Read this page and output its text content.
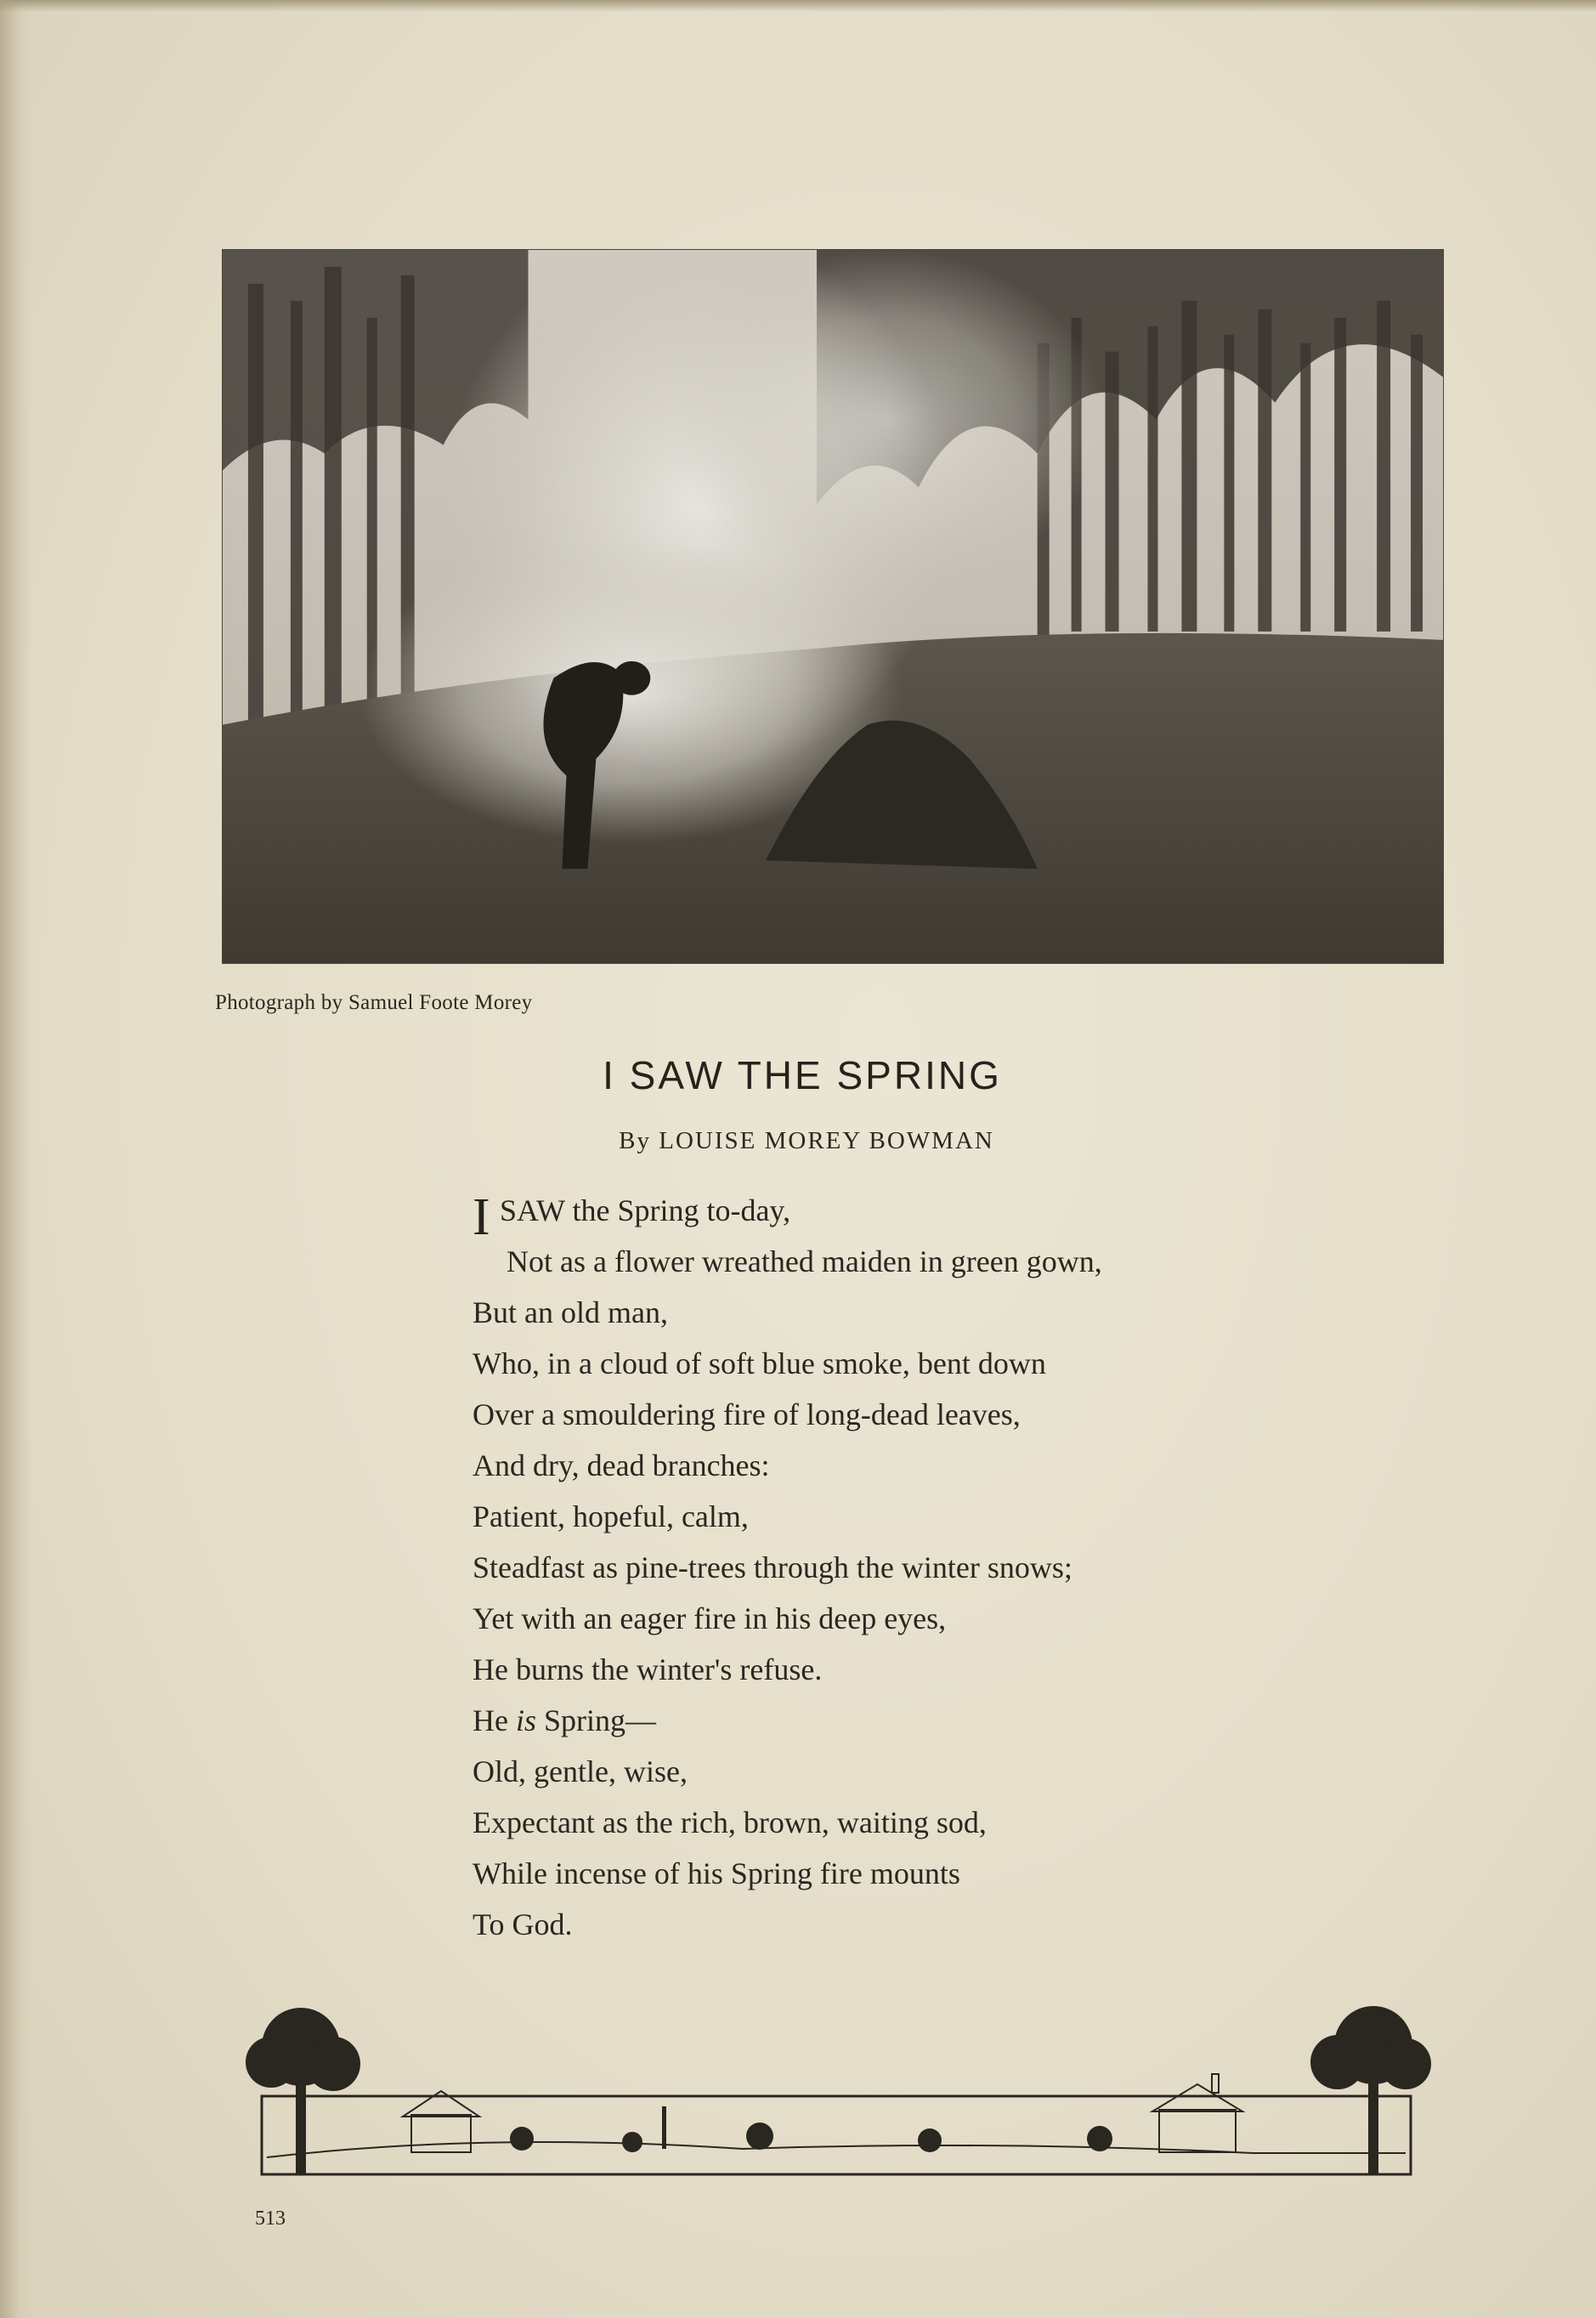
Photograph by Samuel Foote Morey
I SAW THE SPRING
By LOUISE MOREY BOWMAN
I SAW the Spring to-day,
Not as a flower wreathed maiden in green gown,
But an old man,
Who, in a cloud of soft blue smoke, bent down
Over a smouldering fire of long-dead leaves,
And dry, dead branches:
Patient, hopeful, calm,
Steadfast as pine-trees through the winter snows;
Yet with an eager fire in his deep eyes,
He burns the winter's refuse.
He is Spring—
Old, gentle, wise,
Expectant as the rich, brown, waiting sod,
While incense of his Spring fire mounts
To God.
513
